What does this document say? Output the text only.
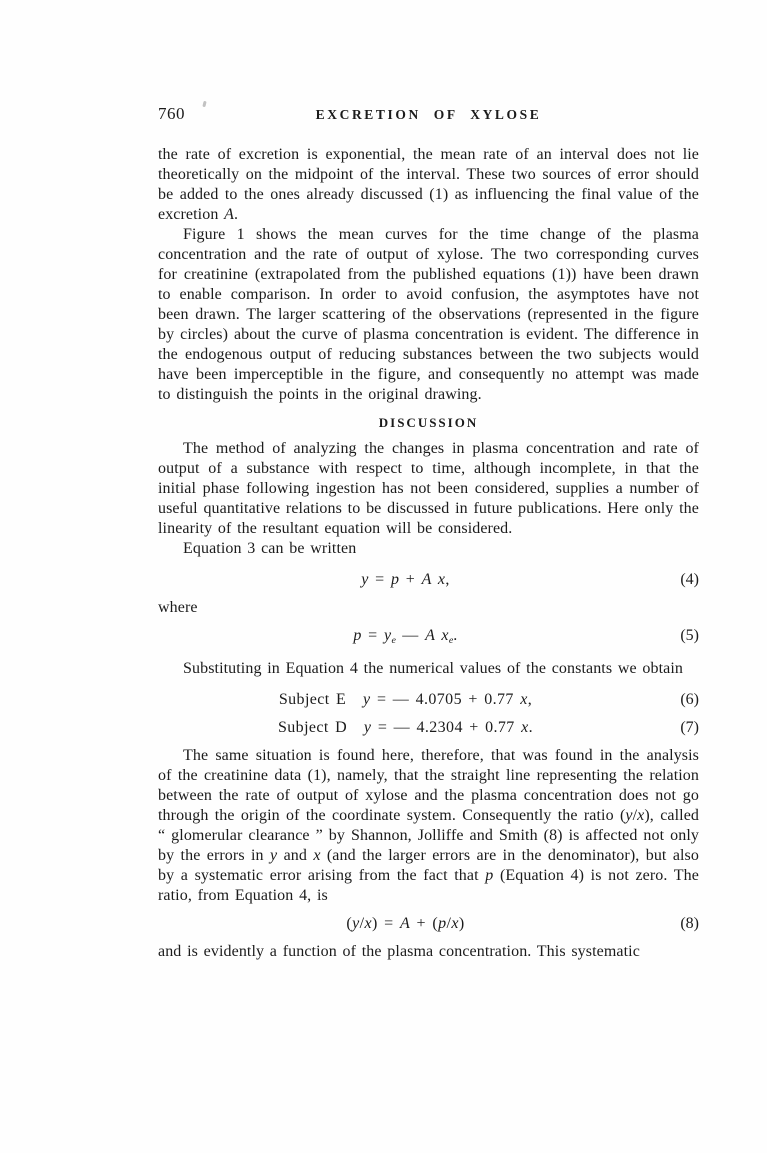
760	EXCRETION OF XYLOSE

the rate of excretion is exponential, the mean rate of an interval does not lie theoretically on the midpoint of the interval. These two sources of error should be added to the ones already discussed (1) as influencing the final value of the excretion A.

Figure 1 shows the mean curves for the time change of the plasma concentration and the rate of output of xylose. The two corresponding curves for creatinine (extrapolated from the published equations (1)) have been drawn to enable comparison. In order to avoid confusion, the asymptotes have not been drawn. The larger scattering of the observations (represented in the figure by circles) about the curve of plasma concentration is evident. The difference in the endogenous output of reducing substances between the two subjects would have been imperceptible in the figure, and consequently no attempt was made to distinguish the points in the original drawing.

DISCUSSION

The method of analyzing the changes in plasma concentration and rate of output of a substance with respect to time, although incomplete, in that the initial phase following ingestion has not been considered, supplies a number of useful quantitative relations to be discussed in future publications. Here only the linearity of the resultant equation will be considered.

Equation 3 can be written

y = p + A x,	(4)

where

p = ye — A xe.	(5)

Substituting in Equation 4 the numerical values of the constants we obtain

Subject E  y = — 4.0705 + 0.77 x,	(6)
Subject D  y = — 4.2304 + 0.77 x.	(7)

The same situation is found here, therefore, that was found in the analysis of the creatinine data (1), namely, that the straight line representing the relation between the rate of output of xylose and the plasma concentration does not go through the origin of the coordinate system. Consequently the ratio (y/x), called “ glomerular clearance ” by Shannon, Jolliffe and Smith (8) is affected not only by the errors in y and x (and the larger errors are in the denominator), but also by a systematic error arising from the fact that p (Equation 4) is not zero. The ratio, from Equation 4, is

(y/x) = A + (p/x)	(8)

and is evidently a function of the plasma concentration. This systematic
